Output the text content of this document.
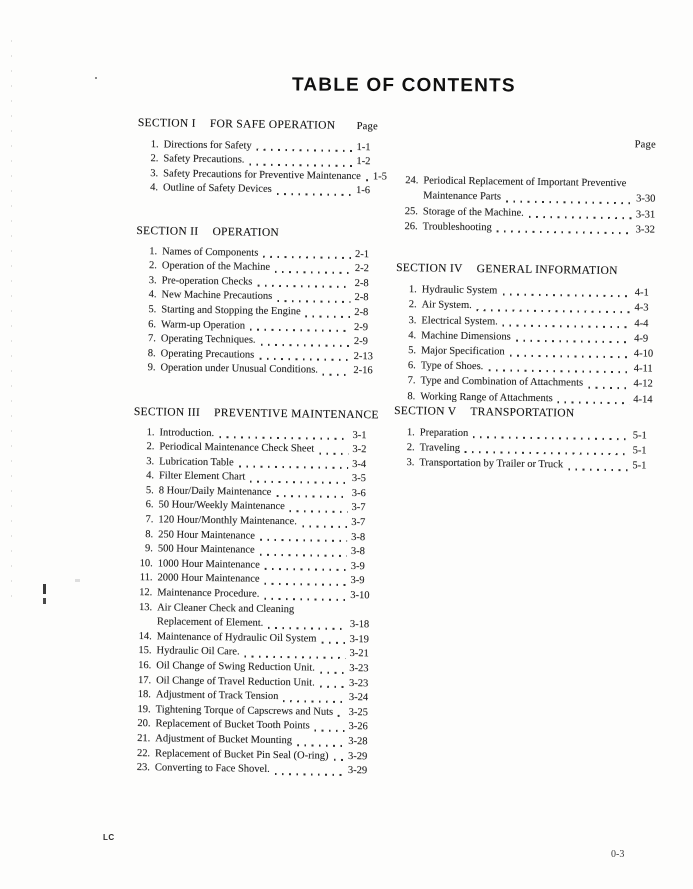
TABLE OF CONTENTS
SECTION I FOR SAFE OPERATION Page
1. Directions for Safety	1-1
2. Safety Precautions.	1-2
3. Safety Precautions for Preventive Maintenance 1-5
4. Outline of Safety Devices	1-6
SECTION II OPERATION
1. Names of Components	2-1
2. Operation of the Machine	2-2
3. Pre-operation Checks	2-8
4. New Machine Precautions	2-8
5. Starting and Stopping the Engine	2-8
6. Warm-up Operation	2-9
7. Operating Techniques.	2-9
8. Operating Precautions	2-13
9. Operation under Unusual Conditions.	2-16
SECTION III PREVENTIVE MAINTENANCE
1. Introduction.	3-1
2. Periodical Maintenance Check Sheet	3-2
3. Lubrication Table	3-4
4. Filter Element Chart	3-5
5. 8 Hour/Daily Maintenance	3-6
6. 50 Hour/Weekly Maintenance	3-7
7. 120 Hour/Monthly Maintenance.	3-7
8. 250 Hour Maintenance	3-8
9. 500 Hour Maintenance	3-8
10. 1000 Hour Maintenance	3-9
11. 2000 Hour Maintenance	3-9
12. Maintenance Procedure.	3-10
13. Air Cleaner Check and Cleaning
Replacement of Element.	3-18
14. Maintenance of Hydraulic Oil System	3-19
15. Hydraulic Oil Care.	3-21
16. Oil Change of Swing Reduction Unit.	3-23
17. Oil Change of Travel Reduction Unit.	3-23
18. Adjustment of Track Tension	3-24
19. Tightening Torque of Capscrews and Nuts 3-25
20. Replacement of Bucket Tooth Points	3-26
21. Adjustment of Bucket Mounting	3-28
22. Replacement of Bucket Pin Seal (O-ring) 3-29
23. Converting to Face Shovel.	3-29
Page
24. Periodical Replacement of Important Preventive
Maintenance Parts	3-30
25. Storage of the Machine.	3-31
26. Troubleshooting	3-32
SECTION IV GENERAL INFORMATION
1. Hydraulic System	4-1
2. Air System.	4-3
3. Electrical System.	4-4
4. Machine Dimensions	4-9
5. Major Specification	4-10
6. Type of Shoes.	4-11
7. Type and Combination of Attachments	4-12
8. Working Range of Attachments	4-14
SECTION V TRANSPORTATION
1. Preparation	5-1
2. Traveling	5-1
3. Transportation by Trailer or Truck	5-1
LC
0-3
